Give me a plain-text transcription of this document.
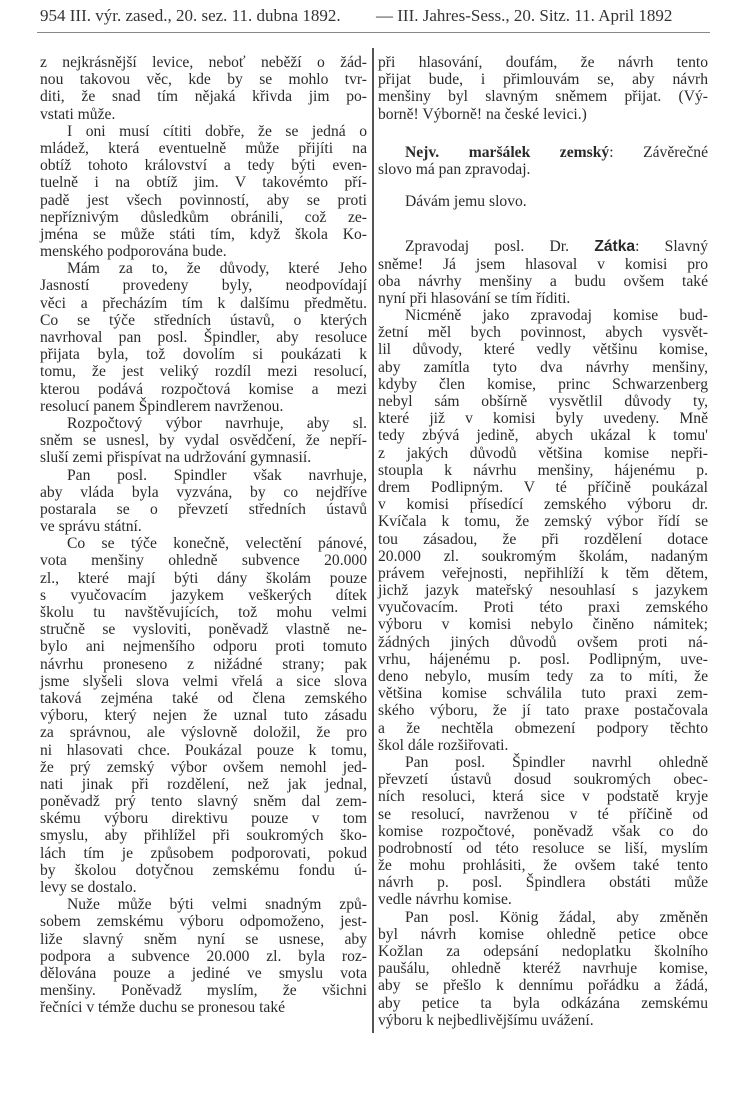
954 III. výr. zased., 20. sez. 11. dubna 1892. — III. Jahres-Sess., 20. Sitz. 11. April 1892
z nejkrásnější levice, neboť neběží o žád-
nou takovou věc, kde by se mohlo tvr-
diti, že snad tím nějaká křivda jim po-
vstati může.
I oni musí cítiti dobře, že se jedná o
mládež, která eventuelně může přijíti na
obtíž tohoto království a tedy býti even-
tuelně i na obtíž jim. V takovémto pří-
padě jest všech povinností, aby se proti
nepříznivým důsledkům obránili, což ze-
jména se může státi tím, když škola Ko-
menského podporována bude.
Mám za to, že důvody, které Jeho
Jasností provedeny byly, neodpovídají
věci a přecházím tím k dalšímu předmětu.
Co se týče středních ústavů, o kterých
navrhoval pan posl. Špindler, aby resoluce
přijata byla, tož dovolím si poukázati k
tomu, že jest veliký rozdíl mezi resolucí,
kterou podává rozpočtová komise a mezi
resolucí panem Špindlerem navrženou.
Rozpočtový výbor navrhuje, aby sl.
sněm se usnesl, by vydal osvědčení, že nepří-
sluší zemi přispívat na udržování gymnasií.
Pan posl. Spindler však navrhuje,
aby vláda byla vyzvána, by co nejdříve
postarala se o převzetí středních ústavů
ve správu státní.
Co se týče konečně, velectění pánové,
vota menšiny ohledně subvence 20.000
zl., které mají býti dány školám pouze
s vyučovacím jazykem veškerých dítek
školu tu navštěvujících, tož mohu velmi
stručně se vysloviti, poněvadž vlastně ne-
bylo ani nejmenšího odporu proti tomuto
návrhu proneseno z nižádné strany; pak
jsme slyšeli slova velmi vřelá a sice slova
taková zejména také od člena zemského
výboru, který nejen že uznal tuto zásadu
za správnou, ale výslovně doložil, že pro
ni hlasovati chce. Poukázal pouze k tomu,
že prý zemský výbor ovšem nemohl jed-
nati jinak při rozdělení, než jak jednal,
poněvadž prý tento slavný sněm dal zem-
skému výboru direktivu pouze v tom
smyslu, aby přihlížel při soukromých ško-
lách tím je způsobem podporovati, pokud
by školou dotyčnou zemskému fondu ú-
levy se dostalo.
Nuže může býti velmi snadným způ-
sobem zemskému výboru odpomoženo, jest-
liže slavný sněm nyní se usnese, aby
podpora a subvence 20.000 zl. byla roz-
dělována pouze a jediné ve smyslu vota
menšiny. Poněvadž myslím, že všichni
řečníci v témže duchu se pronesou také
při hlasování, doufám, že návrh tento
přijat bude, i přimlouvám se, aby návrh
menšiny byl slavným sněmem přijat. (Vý-
borně! Výborně! na české levici.)
Nejv. maršálek zemský: Závěrečné
slovo má pan zpravodaj.
Dávám jemu slovo.
Zpravodaj posl. Dr. Zátka: Slavný
sněme! Já jsem hlasoval v komisi pro
oba návrhy menšiny a budu ovšem také
nyní při hlasování se tím říditi.
Nicméně jako zpravodaj komise bud-
žetní měl bych povinnost, abych vysvět-
lil důvody, které vedly většinu komise,
aby zamítla tyto dva návrhy menšiny,
kdyby člen komise, princ Schwarzenberg
nebyl sám obšírně vysvětlil důvody ty,
které již v komisi byly uvedeny. Mně
tedy zbývá jedině, abych ukázal k tomu'
z jakých důvodů většina komise nepři-
stoupla k návrhu menšiny, hájenému p.
drem Podlipným. V té příčině poukázal
v komisi přísedící zemského výboru dr.
Kvíčala k tomu, že zemský výbor řídí se
tou zásadou, že při rozdělení dotace
20.000 zl. soukromým školám, nadaným
právem veřejnosti, nepřihlíží k těm dětem,
jichž jazyk mateřský nesouhlasí s jazykem
vyučovacím. Proti této praxi zemského
výboru v komisi nebylo činěno námitek;
žádných jiných důvodů ovšem proti ná-
vrhu, hájenému p. posl. Podlipným, uve-
deno nebylo, musím tedy za to míti, že
většina komise schválila tuto praxi zem-
ského výboru, že jí tato praxe postačovala
a že nechtěla obmezení podpory těchto
škol dále rozšiřovati.
Pan posl. Špindler navrhl ohledně
převzetí ústavů dosud soukromých obec-
ních resoluci, která sice v podstatě kryje
se resolucí, navrženou v té příčině od
komise rozpočtové, poněvadž však co do
podrobností od této resoluce se liší, myslím
že mohu prohlásiti, že ovšem také tento
návrh p. posl. Špindlera obstáti může
vedle návrhu komise.
Pan posl. König žádal, aby změněn
byl návrh komise ohledně petice obce
Kožlan za odepsání nedoplatku školního
paušálu, ohledně kteréž navrhuje komise,
aby se přešlo k dennímu pořádku a žádá,
aby petice ta byla odkázána zemskému
výboru k nejbedlivějšímu uvážení.
